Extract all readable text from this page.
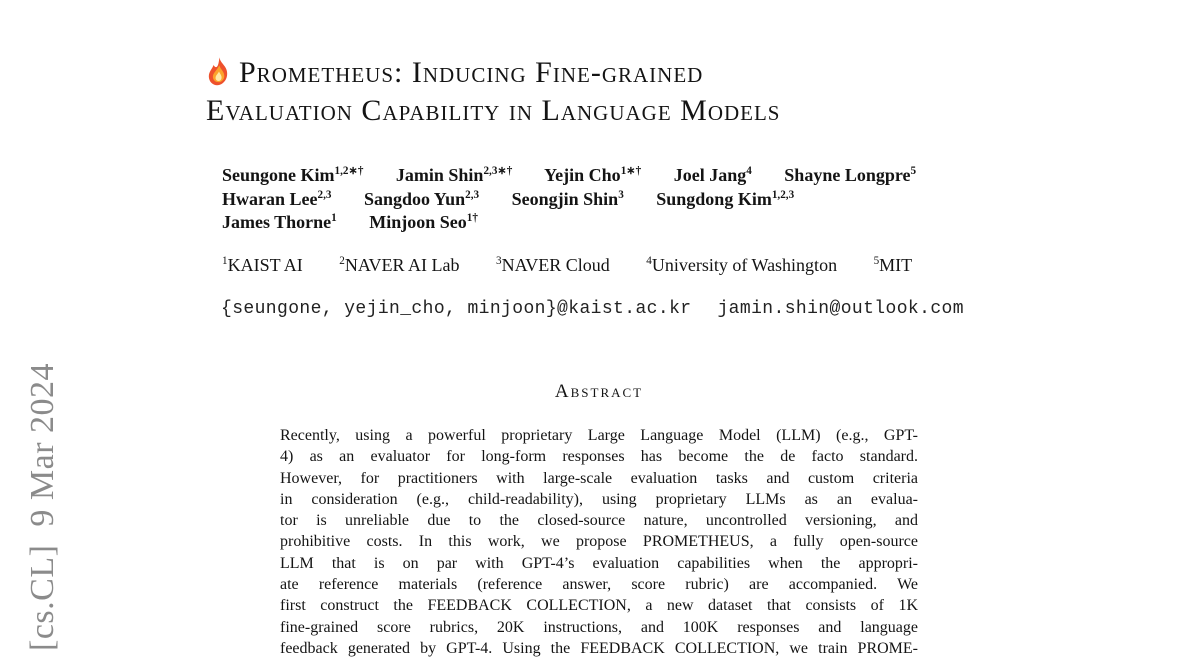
[cs.CL]  9 Mar 2024
Prometheus: Inducing Fine-grained
Evaluation Capability in Language Models
Seungone Kim$^{1,2∗\dagger}$ Jamin Shin$^{2,3∗\dagger}$ Yejin Cho$^{1∗\dagger}$ Joel Jang$^4$ Shayne Longpre$^5$
Hwaran Lee$^{2,3}$ Sangdoo Yun$^{2,3}$ Seongjin Shin$^3$ Sungdong Kim$^{1,2,3}$
James Thorne$^1$ Minjoon Seo$^{1\dagger}$
$^1$KAIST AI	$^2$NAVER AI Lab	$^3$NAVER Cloud	$^4$University of Washington	$^5$MIT
{seungone, yejin_cho, minjoon}@kaist.ac.kr jamin.shin@outlook.com
Abstract
Recently, using a powerful proprietary Large Language Model (LLM) (e.g., GPT-
4) as an evaluator for long-form responses has become the de facto standard.
However, for practitioners with large-scale evaluation tasks and custom criteria
in consideration (e.g., child-readability), using proprietary LLMs as an evalua-
tor is unreliable due to the closed-source nature, uncontrolled versioning, and
prohibitive costs. In this work, we propose PROMETHEUS, a fully open-source
LLM that is on par with GPT-4’s evaluation capabilities when the appropri-
ate reference materials (reference answer, score rubric) are accompanied. We
first construct the FEEDBACK COLLECTION, a new dataset that consists of 1K
fine-grained score rubrics, 20K instructions, and 100K responses and language
feedback generated by GPT-4. Using the FEEDBACK COLLECTION, we train PROME-
